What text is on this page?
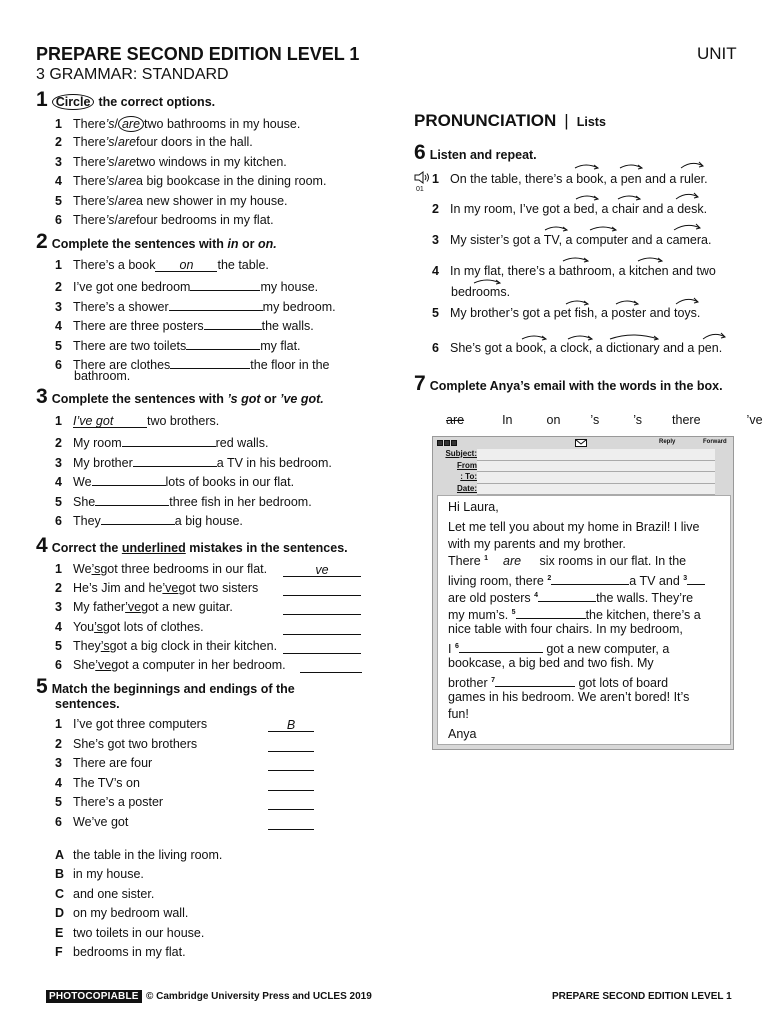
PREPARE SECOND EDITION LEVEL 1
3 GRAMMAR: STANDARD
UNIT
1 Circle the correct options.
1 There ’s / are two bathrooms in my house.
2 There ’s / are four doors in the hall.
3 There ’s / are two windows in my kitchen.
4 There ’s / are a big bookcase in the dining room.
5 There ’s / are a new shower in my house.
6 There ’s / are four bedrooms in my flat.
2 Complete the sentences with in or on.
1 There’s a book	on	the table.
2 I’ve got one bedroom	my house.
3 There’s a shower	my bedroom.
4 There are three posters	the walls.
5 There are two toilets	my flat.
6 There are clothes	the floor in the
bathroom.
3 Complete the sentences with ’s got or ’ve got.
1 I’ve got	two brothers.
2 My room	red walls.
3 My brother	a TV in his bedroom.
4 We	lots of books in our flat.
5 She	three fish in her bedroom.
6 They	a big house.
4 Correct the underlined mistakes in the sentences.
1 We ’s got three bedrooms in our flat.	ve
2 He’s Jim and he ’ve got two sisters
3 My father ’ve got a new guitar.
4 You ’s got lots of clothes.
5 They ’s got a big clock in their kitchen.
6 She ’ve got a computer in her bedroom.
5 Match the beginnings and endings of the
sentences.
1 I’ve got three computers	B
2 She’s got two brothers
3 There are four
4 The TV’s on
5 There’s a poster
6 We’ve got
A the table in the living room.
B in my house.
C and one sister.
D on my bedroom wall.
E two toilets in our house.
F bedrooms in my flat.
PRONUNCIATION | Lists
6 Listen and repeat.
01
1 On the table, there’s a book, a pen and a ruler.
2 In my room, I’ve got a bed, a chair and a desk.
3 My sister’s got a TV, a computer and a camera.
4 In my flat, there’s a bathroom, a kitchen and two
5 My brother’s got a pet fish, a poster and toys.
6 She’s got a book, a clock, a dictionary and a pen.
bedrooms.
7 Complete Anya’s email with the words in the box.
are	In	on ’s	’s there	’ve
Reply	Forward
Subject:
From
: To:
Date:
Hi Laura,
Let me tell you about my home in Brazil! I live
with my parents and my brother.
There $^1$ are six rooms in our flat. In the
living room, there $^2$	a TV and $^3$
are old posters $^4$	the walls. They’re
my mum’s. $^5$	the kitchen, there’s a
nice table with four chairs. In my bedroom,
I $^6$	got a new computer, a
bookcase, a big bed and two fish. My
brother $^7$	got lots of board
games in his bedroom. We aren’t bored! It’s
fun!
Anya
PHOTOCOPIABLE © Cambridge University Press and UCLES 2019	PREPARE SECOND EDITION LEVEL 1
